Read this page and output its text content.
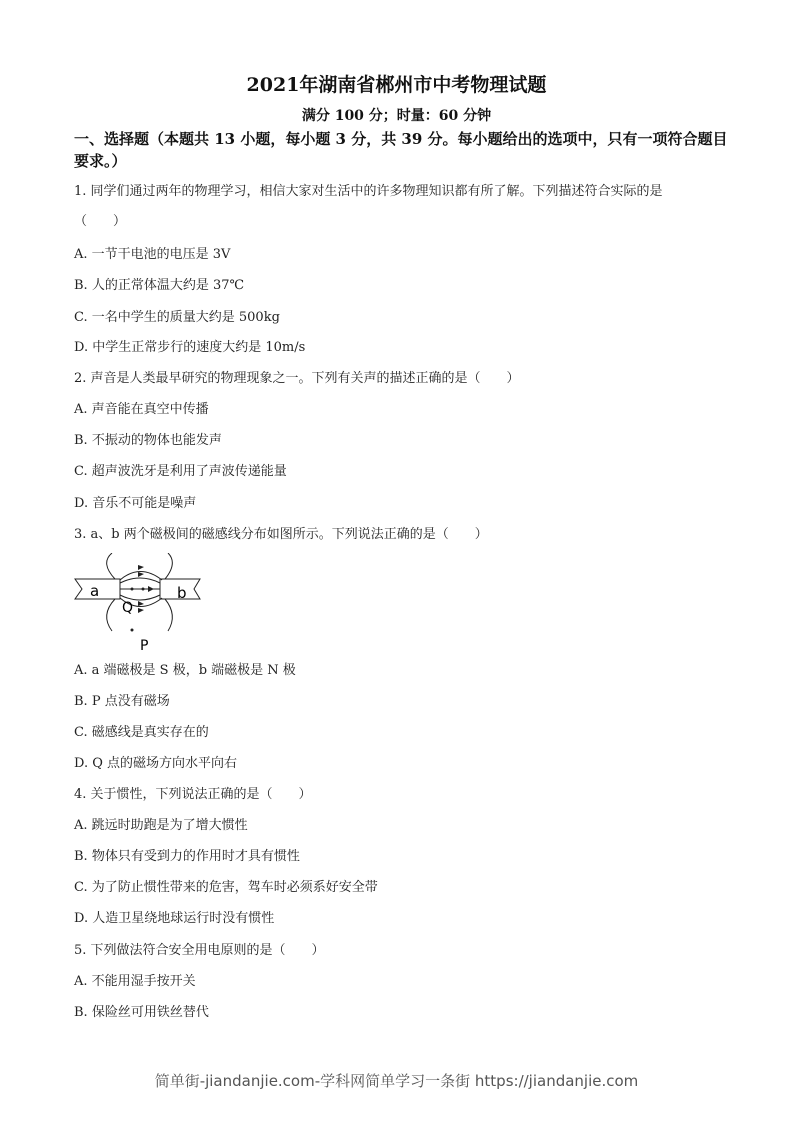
2021年湖南省郴州市中考物理试题
满分 100 分；时量：60 分钟
一、选择题（本题共 13 小题，每小题 3 分，共 39 分。每小题给出的选项中，只有一项符合题目要求。）
1. 同学们通过两年的物理学习，相信大家对生活中的许多物理知识都有所了解。下列描述符合实际的是
（　　）
A. 一节干电池的电压是 3V
B. 人的正常体温大约是 37℃
C. 一名中学生的质量大约是 500kg
D. 中学生正常步行的速度大约是 10m/s
2. 声音是人类最早研究的物理现象之一。下列有关声的描述正确的是（　　）
A. 声音能在真空中传播
B. 不振动的物体也能发声
C. 超声波洗牙是利用了声波传递能量
D. 音乐不可能是噪声
3. a、b 两个磁极间的磁感线分布如图所示。下列说法正确的是（　　）
a	b
Q
P
A. a 端磁极是 S 极，b 端磁极是 N 极
B. P 点没有磁场
C. 磁感线是真实存在的
D. Q 点的磁场方向水平向右
4. 关于惯性，下列说法正确的是（　　）
A. 跳远时助跑是为了增大惯性
B. 物体只有受到力的作用时才具有惯性
C. 为了防止惯性带来的危害，驾车时必须系好安全带
D. 人造卫星绕地球运行时没有惯性
5. 下列做法符合安全用电原则的是（　　）
A. 不能用湿手按开关
B. 保险丝可用铁丝替代
简单街-jiandanjie.com-学科网简单学习一条街 https://jiandanjie.com
